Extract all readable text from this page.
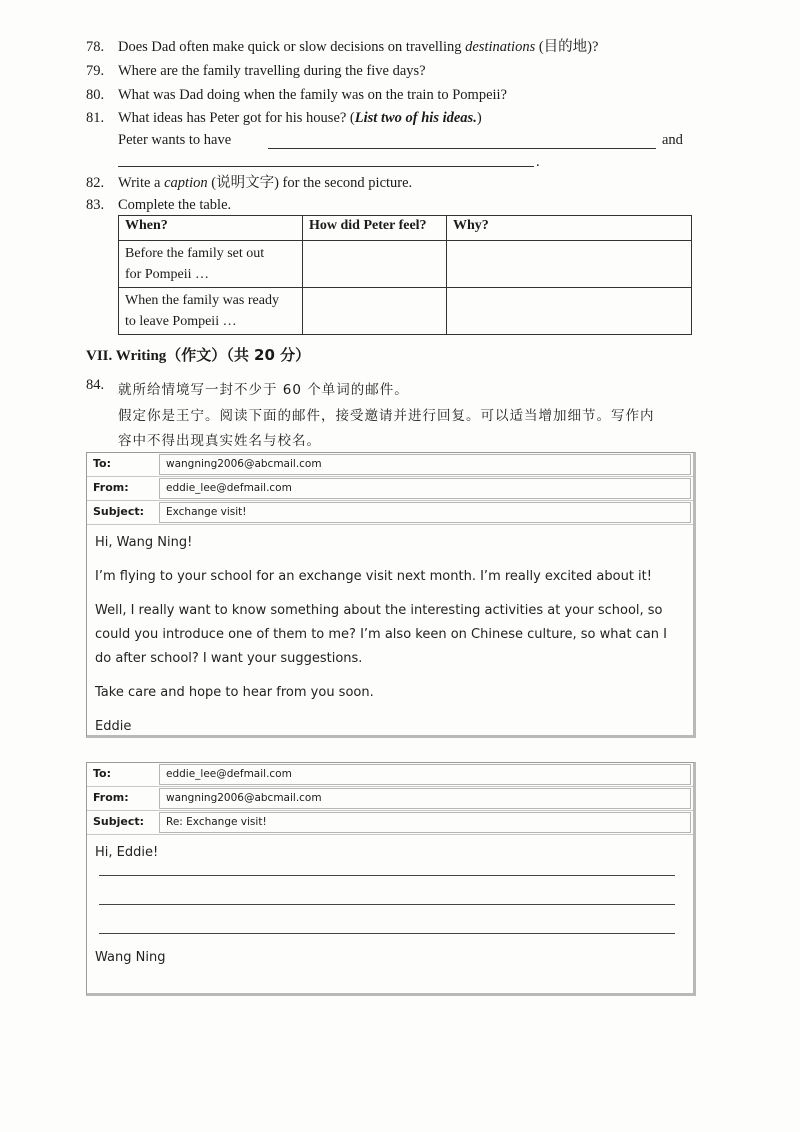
78. Does Dad often make quick or slow decisions on travelling destinations (目的地)?
79. Where are the family travelling during the five days?
80. What was Dad doing when the family was on the train to Pompeii?
81. What ideas has Peter got for his house? (List two of his ideas.)
Peter wants to have	and
.
82. Write a caption (说明文字) for the second picture.
83. Complete the table.
When?	How did Peter feel?	Why?
Before the family set out
for Pompeii …		
When the family was ready
to leave Pompeii …		
VII. Writing（作文）（共 20 分）
84.	就所给情境写一封不少于 60 个单词的邮件。
假定你是王宁。阅读下面的邮件，接受邀请并进行回复。可以适当增加细节。写作内
容中不得出现真实姓名与校名。
To:	wangning2006@abcmail.com
From:	eddie_lee@defmail.com
Subject:	Exchange visit!

Hi, Wang Ning!

I’m flying to your school for an exchange visit next month. I’m really excited about it!

Well, I really want to know something about the interesting activities at your school, so could you introduce one of them to me? I’m also keen on Chinese culture, so what can I do after school? I want your suggestions.

Take care and hope to hear from you soon.

Eddie

To:	eddie_lee@defmail.com
From:	wangning2006@abcmail.com
Subject:	Re: Exchange visit!

Hi, Eddie!

Wang Ning
